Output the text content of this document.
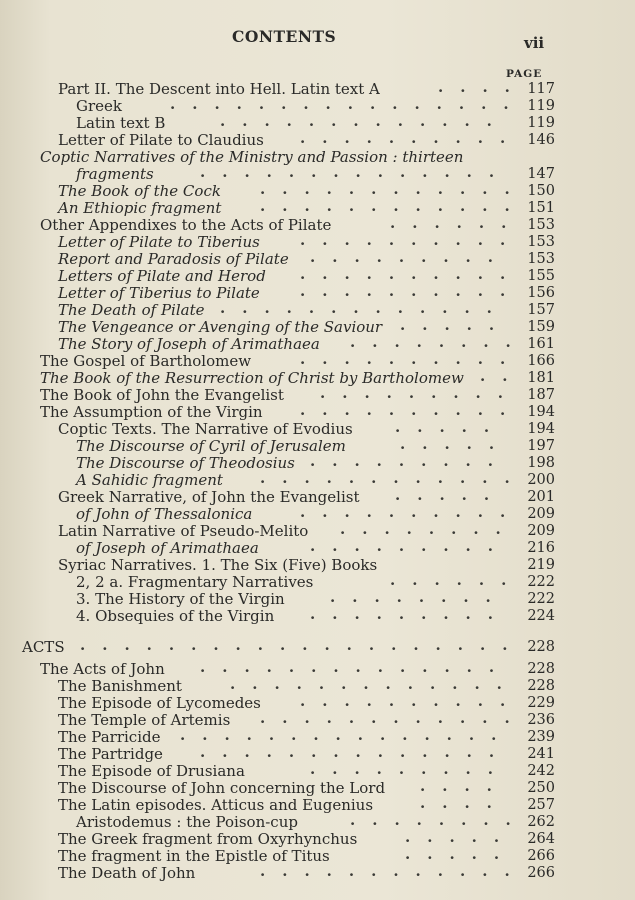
CONTENTS	vii
PAGE
Part II. The Descent into Hell. Latin text A	.... 117
Greek	................ 119
Latin text B	.............	119
Letter of Pilate to Claudius .......... 146
Coptic Narratives of the Ministry and Passion : thirteen
fragments	..............	147
The Book of the Cock	............ 150
An Ethiopic fragment	............ 151
Other Appendixes to the Acts of Pilate	...... 153
Letter of Pilate to Tiberius	.......... 153
Report and Paradosis of Pilate .........	153
Letters of Pilate and Herod .......... 155
Letter of Tiberius to Pilate	.......... 156
The Death of Pilate .............	157
The Vengeance or Avenging of the Saviour .....	159
The Story of Joseph of Arimathaea ........ 161
The Gospel of Bartholomew	.......... 166
The Book of the Resurrection of Christ by Bartholomew .. 181
The Book of John the Evangelist ......... 187
The Assumption of the Virgin .......... 194
Coptic Texts. The Narrative of Evodius	.....	194
The Discourse of Cyril of Jerusalem	.....	197
The Discourse of Theodosius .........	198
A Sahidic fragment ............ 200
Greek Narrative, of John the Evangelist .....	201
of John of Thessalonica	.......... 209
Latin Narrative of Pseudo-Melito ........ 209
of Joseph of Arimathaea	.........	216
Syriac Narratives. 1. The Six (Five) Books	219
2, 2 a. Fragmentary Narratives	...... 222
3. The History of the Virgin	........	222
4. Obsequies of the Virgin .........	224
ACTS .................... 228
The Acts of John ..............	228
The Banishment	............. 228
The Episode of Lycomedes	.......... 229
The Temple of Artemis ............ 236
The Parricide ............... 239
The Partridge ..............	241
The Episode of Drusiana	.........	242
The Discourse of John concerning the Lord ....	250
The Latin episodes. Atticus and Eugenius	....	257
Aristodemus : the Poison-cup	........ 262
The Greek fragment from Oxyrhynchus	..... 264
The fragment in the Epistle of Titus	..... 266
The Death of John	............ 266
